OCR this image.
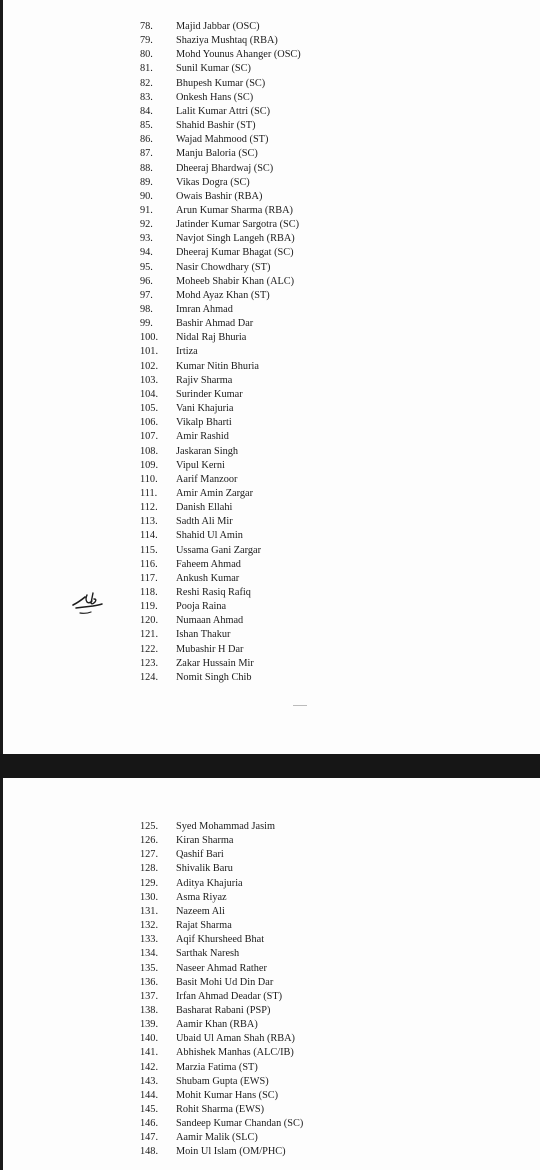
78. Majid Jabbar (OSC)
79. Shaziya Mushtaq (RBA)
80. Mohd Younus Ahanger (OSC)
81. Sunil Kumar (SC)
82. Bhupesh Kumar (SC)
83. Onkesh Hans (SC)
84. Lalit Kumar Attri (SC)
85. Shahid Bashir (ST)
86. Wajad Mahmood (ST)
87. Manju Baloria (SC)
88. Dheeraj Bhardwaj (SC)
89. Vikas Dogra (SC)
90. Owais Bashir (RBA)
91. Arun Kumar Sharma (RBA)
92. Jatinder Kumar Sargotra (SC)
93. Navjot Singh Langeh (RBA)
94. Dheeraj Kumar Bhagat (SC)
95. Nasir Chowdhary (ST)
96. Moheeb Shabir Khan (ALC)
97. Mohd Ayaz Khan (ST)
98. Imran Ahmad
99. Bashir Ahmad Dar
100. Nidal Raj Bhuria
101. Irtiza
102. Kumar Nitin Bhuria
103. Rajiv Sharma
104. Surinder Kumar
105. Vani Khajuria
106. Vikalp Bharti
107. Amir Rashid
108. Jaskaran Singh
109. Vipul Kerni
110. Aarif Manzoor
111. Amir Amin Zargar
112. Danish Ellahi
113. Sadth Ali Mir
114. Shahid Ul Amin
115. Ussama Gani Zargar
116. Faheem Ahmad
117. Ankush Kumar
118. Reshi Rasiq Rafiq
119. Pooja Raina
120. Numaan Ahmad
121. Ishan Thakur
122. Mubashir H Dar
123. Zakar Hussain Mir
124. Nomit Singh Chib
125. Syed Mohammad Jasim
126. Kiran Sharma
127. Qashif Bari
128. Shivalik Baru
129. Aditya Khajuria
130. Asma Riyaz
131. Nazeem Ali
132. Rajat Sharma
133. Aqif Khursheed Bhat
134. Sarthak Naresh
135. Naseer Ahmad Rather
136. Basit Mohi Ud Din Dar
137. Irfan Ahmad Deadar (ST)
138. Basharat Rabani (PSP)
139. Aamir Khan (RBA)
140. Ubaid Ul Aman Shah (RBA)
141. Abhishek Manhas (ALC/IB)
142. Marzia Fatima (ST)
143. Shubam Gupta (EWS)
144. Mohit Kumar Hans (SC)
145. Rohit Sharma (EWS)
146. Sandeep Kumar Chandan (SC)
147. Aamir Malik (SLC)
148. Moin Ul Islam (OM/PHC)
